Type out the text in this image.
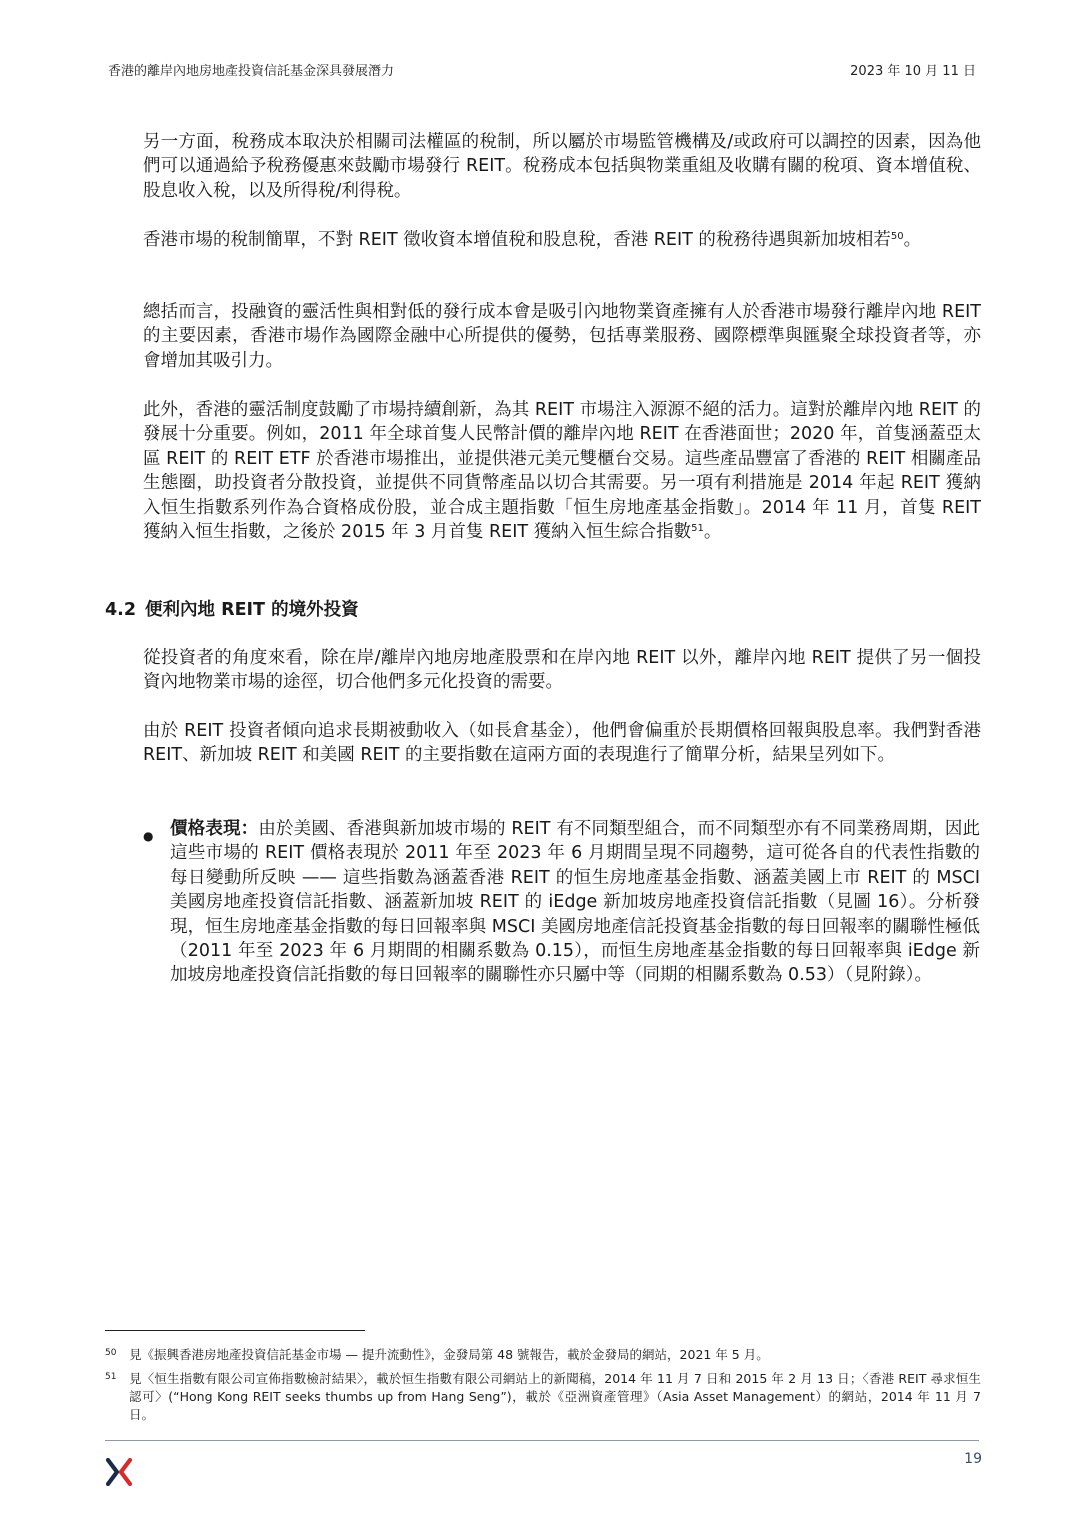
香港的離岸內地房地產投資信託基金深具發展潛力	2023 年 10 月 11 日

另一方面，稅務成本取決於相關司法權區的稅制，所以屬於市場監管機構及/或政府可以調控的因素，因為他們可以通過給予稅務優惠來鼓勵市場發行 REIT。稅務成本包括與物業重組及收購有關的稅項、資本增值稅、股息收入稅，以及所得稅/利得稅。

香港市場的稅制簡單，不對 REIT 徵收資本增值稅和股息稅，香港 REIT 的稅務待遇與新加坡相若$^{50}$。

總括而言，投融資的靈活性與相對低的發行成本會是吸引內地物業資產擁有人於香港市場發行離岸內地 REIT 的主要因素，香港市場作為國際金融中心所提供的優勢，包括專業服務、國際標準與匯聚全球投資者等，亦會增加其吸引力。

此外，香港的靈活制度鼓勵了市場持續創新，為其 REIT 市場注入源源不絕的活力。這對於離岸內地 REIT 的發展十分重要。例如，2011 年全球首隻人民幣計價的離岸內地 REIT 在香港面世；2020 年，首隻涵蓋亞太區 REIT 的 REIT ETF 於香港市場推出，並提供港元美元雙櫃台交易。這些產品豐富了香港的 REIT 相關產品生態圈，助投資者分散投資，並提供不同貨幣產品以切合其需要。另一項有利措施是 2014 年起 REIT 獲納入恒生指數系列作為合資格成份股，並合成主題指數「恒生房地產基金指數」。2014 年 11 月，首隻 REIT 獲納入恒生指數，之後於 2015 年 3 月首隻 REIT 獲納入恒生綜合指數$^{51}$。

4.2 便利內地 REIT 的境外投資

從投資者的角度來看，除在岸/離岸內地房地產股票和在岸內地 REIT 以外，離岸內地 REIT 提供了另一個投資內地物業市場的途徑，切合他們多元化投資的需要。

由於 REIT 投資者傾向追求長期被動收入（如長倉基金），他們會偏重於長期價格回報與股息率。我們對香港 REIT、新加坡 REIT 和美國 REIT 的主要指數在這兩方面的表現進行了簡單分析，結果呈列如下。

● 價格表現：由於美國、香港與新加坡市場的 REIT 有不同類型組合，而不同類型亦有不同業務周期，因此這些市場的 REIT 價格表現於 2011 年至 2023 年 6 月期間呈現不同趨勢，這可從各自的代表性指數的每日變動所反映 —— 這些指數為涵蓋香港 REIT 的恒生房地產基金指數、涵蓋美國上市 REIT 的 MSCI 美國房地產投資信託指數、涵蓋新加坡 REIT 的 iEdge 新加坡房地產投資信託指數（見圖 16）。分析發現，恒生房地產基金指數的每日回報率與 MSCI 美國房地產信託投資基金指數的每日回報率的關聯性極低（2011 年至 2023 年 6 月期間的相關系數為 0.15），而恒生房地產基金指數的每日回報率與 iEdge 新加坡房地產投資信託指數的每日回報率的關聯性亦只屬中等（同期的相關系數為 0.53）（見附錄）。

50 見《振興香港房地產投資信託基金市場 — 提升流動性》，金發局第 48 號報告，載於金發局的網站，2021 年 5 月。
51 見〈恒生指數有限公司宣佈指數檢討結果〉，載於恒生指數有限公司網站上的新聞稿，2014 年 11 月 7 日和 2015 年 2 月 13 日；〈香港 REIT 尋求恒生認可〉(“Hong Kong REIT seeks thumbs up from Hang Seng”)，載於《亞洲資產管理》（Asia Asset Management）的網站，2014 年 11 月 7 日。
19
